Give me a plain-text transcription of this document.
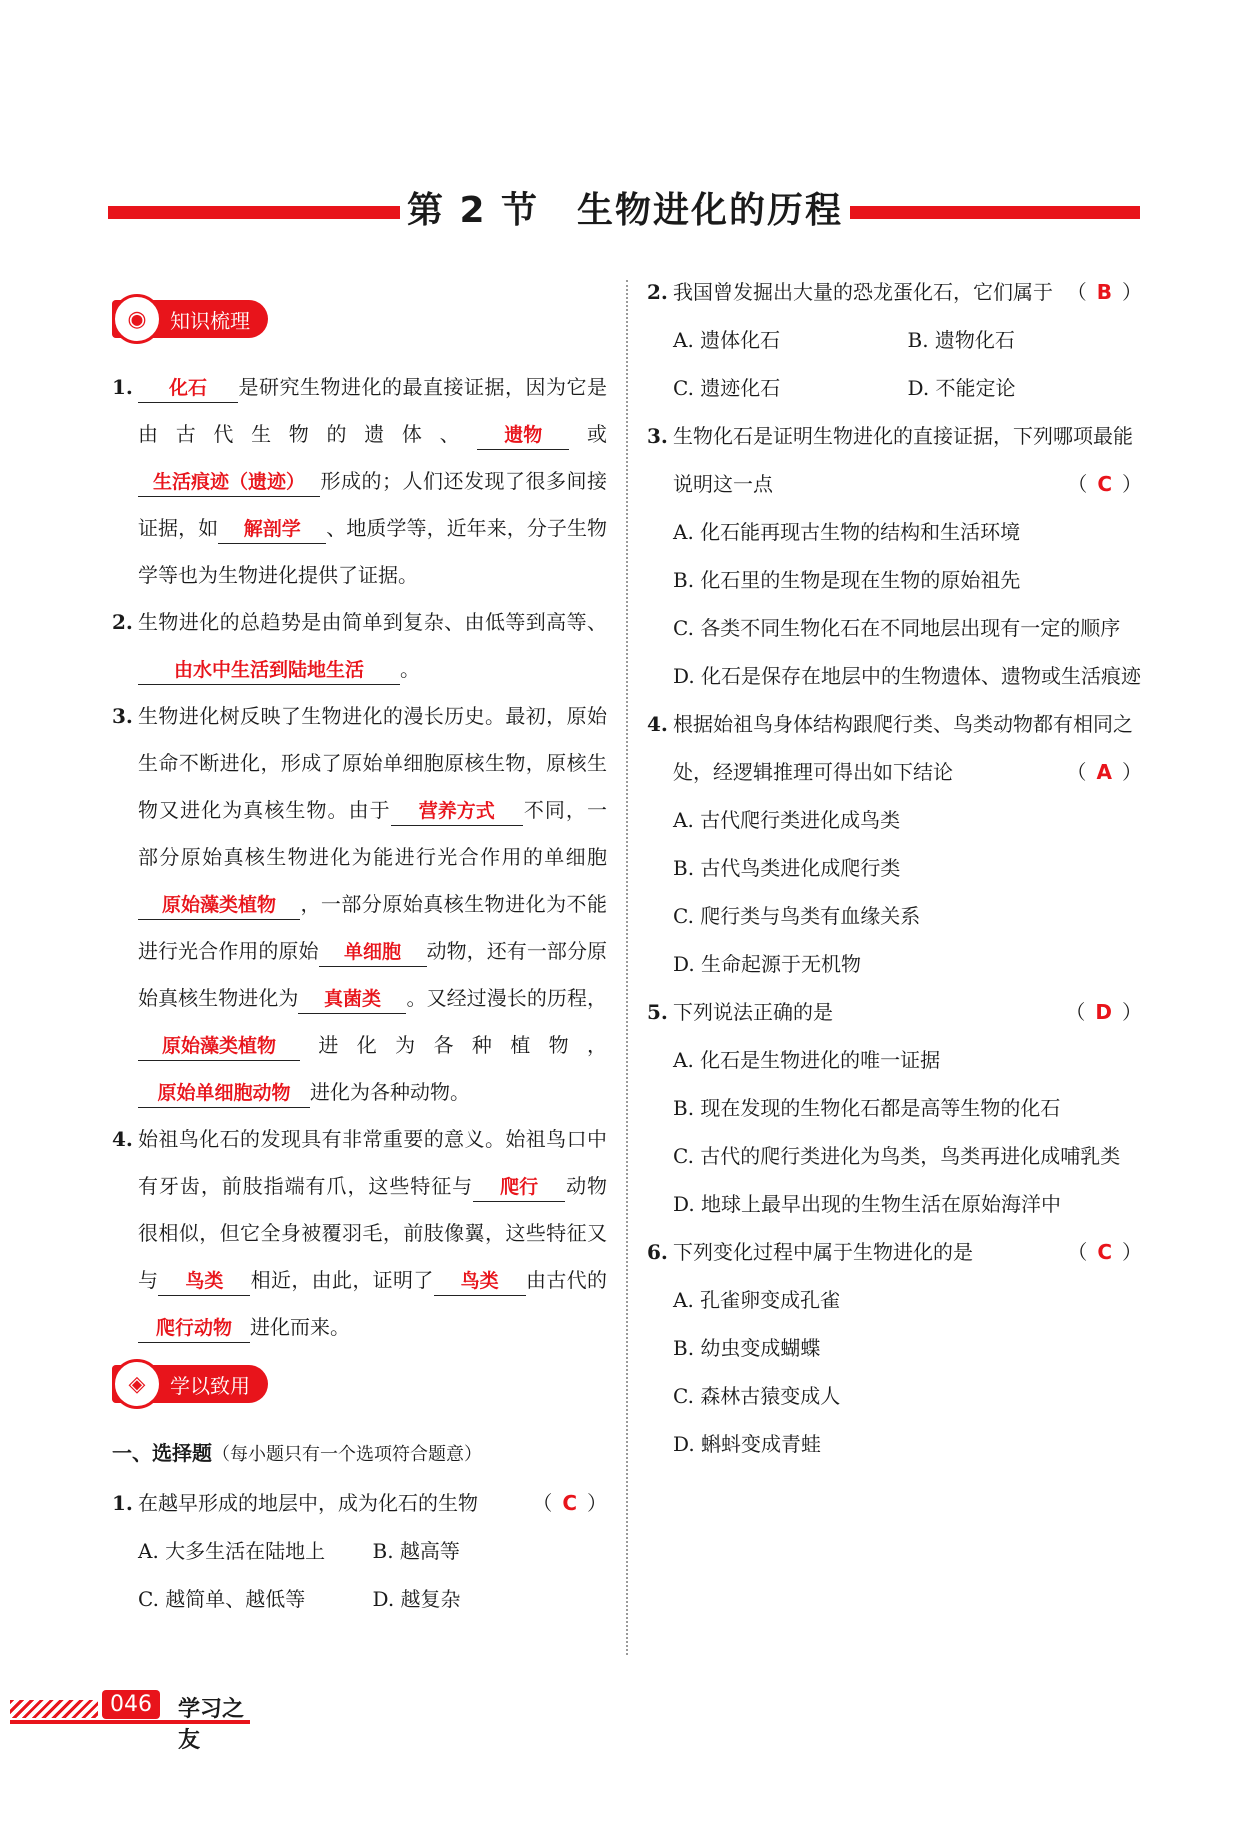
第 2 节　生物进化的历程
◉	知识梳理
1.	化石 是研究生物进化的最直接证据，因为它是由古代生物的遗体、 遗物 或生活痕迹（遗迹） 形成的；人们还发现了很多间接证据，如 解剖学 、地质学等，近年来，分子生物学等也为生物进化提供了证据。
2. 生物进化的总趋势是由简单到复杂、由低等到高等、由水中生活到陆地生活 。
3. 生物进化树反映了生物进化的漫长历史。最初，原始生命不断进化，形成了原始单细胞原核生物，原核生物又进化为真核生物。由于 营养方式 不同，一部分原始真核生物进化为能进行光合作用的单细胞原始藻类植物 ，一部分原始真核生物进化为不能进行光合作用的原始 单细胞 动物，还有一部分原始真核生物进化为 真菌类 。又经过漫长的历程，原始藻类植物 进化为各种植物，原始单细胞动物 进化为各种动物。
4. 始祖鸟化石的发现具有非常重要的意义。始祖鸟口中有牙齿，前肢指端有爪，这些特征与 爬行 动物很相似，但它全身被覆羽毛，前肢像翼，这些特征又与 鸟类 相近，由此，证明了 鸟类 由古代的爬行动物 进化而来。
◈	学以致用
一、选择题（每小题只有一个选项符合题意）
1. 在越早形成的地层中，成为化石的生物	（ C ）
A. 大多生活在陆地上	B. 越高等
C. 越简单、越低等	D. 越复杂
2. 我国曾发掘出大量的恐龙蛋化石，它们属于 （ B ）
A. 遗体化石	B. 遗物化石
C. 遗迹化石	D. 不能定论
3. 生物化石是证明生物进化的直接证据，下列哪项最能说明这一点	（ C ）
A. 化石能再现古生物的结构和生活环境
B. 化石里的生物是现在生物的原始祖先
C. 各类不同生物化石在不同地层出现有一定的顺序
D. 化石是保存在地层中的生物遗体、遗物或生活痕迹
4. 根据始祖鸟身体结构跟爬行类、鸟类动物都有相同之处，经逻辑推理可得出如下结论	（ A ）
A. 古代爬行类进化成鸟类
B. 古代鸟类进化成爬行类
C. 爬行类与鸟类有血缘关系
D. 生命起源于无机物
5. 下列说法正确的是	（ D ）
A. 化石是生物进化的唯一证据
B. 现在发现的生物化石都是高等生物的化石
C. 古代的爬行类进化为鸟类，鸟类再进化成哺乳类
D. 地球上最早出现的生物生活在原始海洋中
6. 下列变化过程中属于生物进化的是	（ C ）
A. 孔雀卵变成孔雀
B. 幼虫变成蝴蝶
C. 森林古猿变成人
D. 蝌蚪变成青蛙
046	学习之友
